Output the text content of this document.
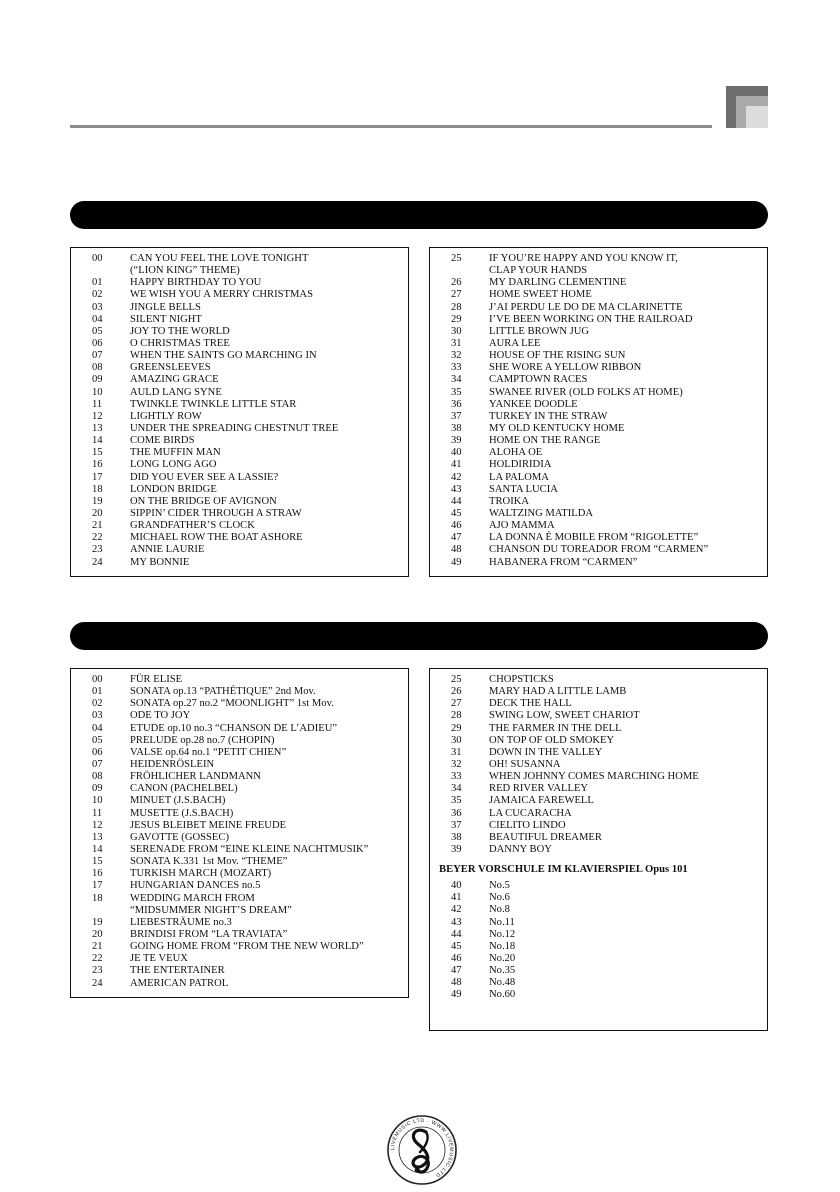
00	CAN YOU FEEL THE LOVE TONIGHT
(“LION KING” THEME)
01	HAPPY BIRTHDAY TO YOU
02	WE WISH YOU A MERRY CHRISTMAS
03	JINGLE BELLS
04	SILENT NIGHT
05	JOY TO THE WORLD
06	O CHRISTMAS TREE
07	WHEN THE SAINTS GO MARCHING IN
08	GREENSLEEVES
09	AMAZING GRACE
10	AULD LANG SYNE
11	TWINKLE TWINKLE LITTLE STAR
12	LIGHTLY ROW
13	UNDER THE SPREADING CHESTNUT TREE
14	COME BIRDS
15	THE MUFFIN MAN
16	LONG LONG AGO
17	DID YOU EVER SEE A LASSIE?
18	LONDON BRIDGE
19	ON THE BRIDGE OF AVIGNON
20	SIPPIN’ CIDER THROUGH A STRAW
21	GRANDFATHER’S CLOCK
22	MICHAEL ROW THE BOAT ASHORE
23	ANNIE LAURIE
24	MY BONNIE
25	IF YOU’RE HAPPY AND YOU KNOW IT,
CLAP YOUR HANDS
26	MY DARLING CLEMENTINE
27	HOME SWEET HOME
28	J’AI PERDU LE DO DE MA CLARINETTE
29	I’VE BEEN WORKING ON THE RAILROAD
30	LITTLE BROWN JUG
31	AURA LEE
32	HOUSE OF THE RISING SUN
33	SHE WORE A YELLOW RIBBON
34	CAMPTOWN RACES
35	SWANEE RIVER (OLD FOLKS AT HOME)
36	YANKEE DOODLE
37	TURKEY IN THE STRAW
38	MY OLD KENTUCKY HOME
39	HOME ON THE RANGE
40	ALOHA OE
41	HOLDIRIDIA
42	LA PALOMA
43	SANTA LUCIA
44	TROIKA
45	WALTZING MATILDA
46	AJO MAMMA
47	LA DONNA É MOBILE FROM “RIGOLETTE”
48	CHANSON DU TOREADOR FROM “CARMEN”
49	HABANERA FROM “CARMEN”
00	FÜR ELISE
01	SONATA op.13 “PATHÉTIQUE” 2nd Mov.
02	SONATA op.27 no.2 “MOONLIGHT” 1st Mov.
03	ODE TO JOY
04	ETUDE op.10 no.3 “CHANSON DE L’ADIEU”
05	PRELUDE op.28 no.7 (CHOPIN)
06	VALSE op.64 no.1 “PETIT CHIEN”
07	HEIDENRÖSLEIN
08	FRÖHLICHER LANDMANN
09	CANON (PACHELBEL)
10	MINUET (J.S.BACH)
11	MUSETTE (J.S.BACH)
12	JESUS BLEIBET MEINE FREUDE
13	GAVOTTE (GOSSEC)
14	SERENADE FROM “EINE KLEINE NACHTMUSIK”
15	SONATA K.331 1st Mov. “THEME”
16	TURKISH MARCH (MOZART)
17	HUNGARIAN DANCES no.5
18	WEDDING MARCH FROM
“MIDSUMMER NIGHT’S DREAM”
19	LIEBESTRÄUME no.3
20	BRINDISI FROM “LA TRAVIATA”
21	GOING HOME FROM “FROM THE NEW WORLD”
22	JE TE VEUX
23	THE ENTERTAINER
24	AMERICAN PATROL
25	CHOPSTICKS
26	MARY HAD A LITTLE LAMB
27	DECK THE HALL
28	SWING LOW, SWEET CHARIOT
29	THE FARMER IN THE DELL
30	ON TOP OF OLD SMOKEY
31	DOWN IN THE VALLEY
32	OH! SUSANNA
33	WHEN JOHNNY COMES MARCHING HOME
34	RED RIVER VALLEY
35	JAMAICA FAREWELL
36	LA CUCARACHA
37	CIELITO LINDO
38	BEAUTIFUL DREAMER
39	DANNY BOY
BEYER VORSCHULE IM KLAVIERSPIEL Opus 101
40	No.5
41	No.6
42	No.8
43	No.11
44	No.12
45	No.18
46	No.20
47	No.35
48	No.48
49	No.60
LIVEMUSIC LTD · WWW.LIVEMUSIC.LTD
